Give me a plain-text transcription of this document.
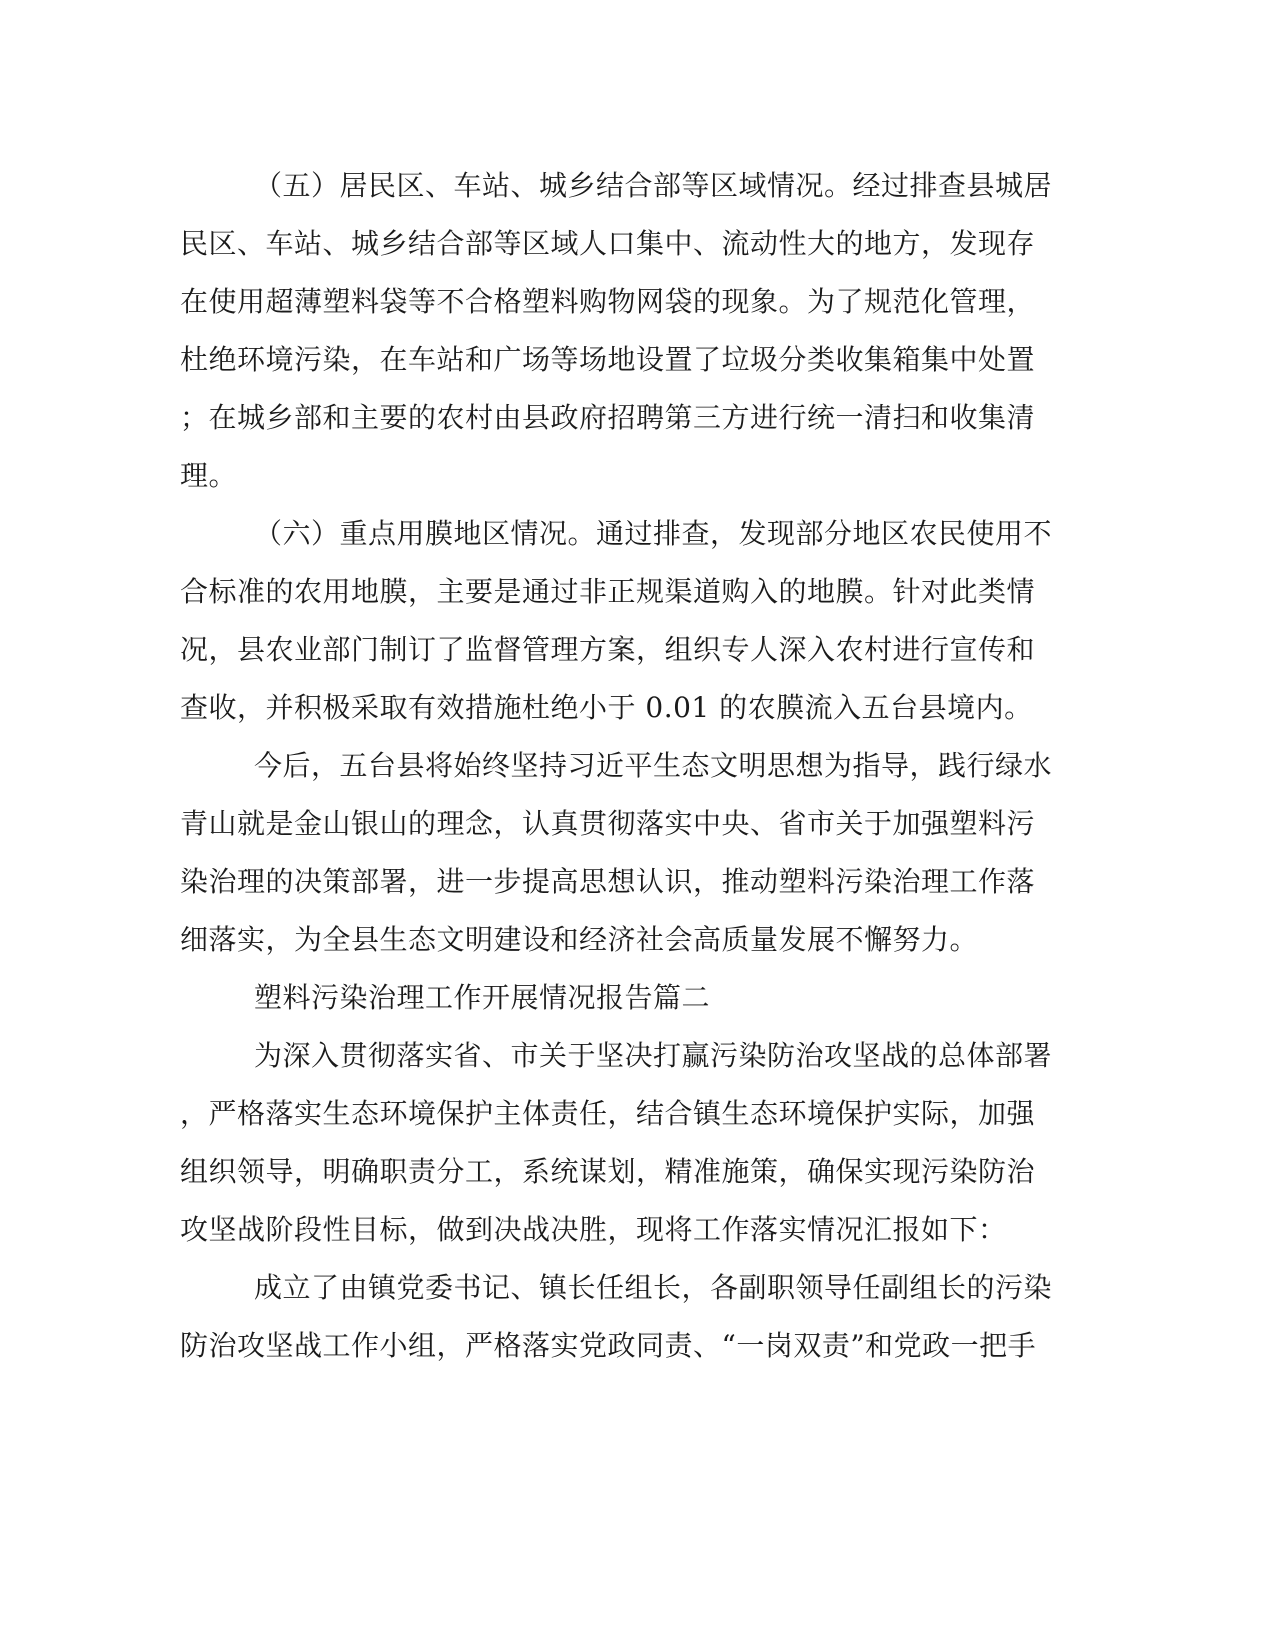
（五）居民区、车站、城乡结合部等区域情况。经过排查县城居
民区、车站、城乡结合部等区域人口集中、流动性大的地方，发现存
在使用超薄塑料袋等不合格塑料购物网袋的现象。为了规范化管理，
杜绝环境污染，在车站和广场等场地设置了垃圾分类收集箱集中处置
；在城乡部和主要的农村由县政府招聘第三方进行统一清扫和收集清
理。
（六）重点用膜地区情况。通过排查，发现部分地区农民使用不
合标准的农用地膜，主要是通过非正规渠道购入的地膜。针对此类情
况，县农业部门制订了监督管理方案，组织专人深入农村进行宣传和
查收，并积极采取有效措施杜绝小于 0.01 的农膜流入五台县境内。
今后，五台县将始终坚持习近平生态文明思想为指导，践行绿水
青山就是金山银山的理念，认真贯彻落实中央、省市关于加强塑料污
染治理的决策部署，进一步提高思想认识，推动塑料污染治理工作落
细落实，为全县生态文明建设和经济社会高质量发展不懈努力。
塑料污染治理工作开展情况报告篇二
为深入贯彻落实省、市关于坚决打赢污染防治攻坚战的总体部署
，严格落实生态环境保护主体责任，结合镇生态环境保护实际，加强
组织领导，明确职责分工，系统谋划，精准施策，确保实现污染防治
攻坚战阶段性目标，做到决战决胜，现将工作落实情况汇报如下：
成立了由镇党委书记、镇长任组长，各副职领导任副组长的污染
防治攻坚战工作小组，严格落实党政同责、“一岗双责”和党政一把手
